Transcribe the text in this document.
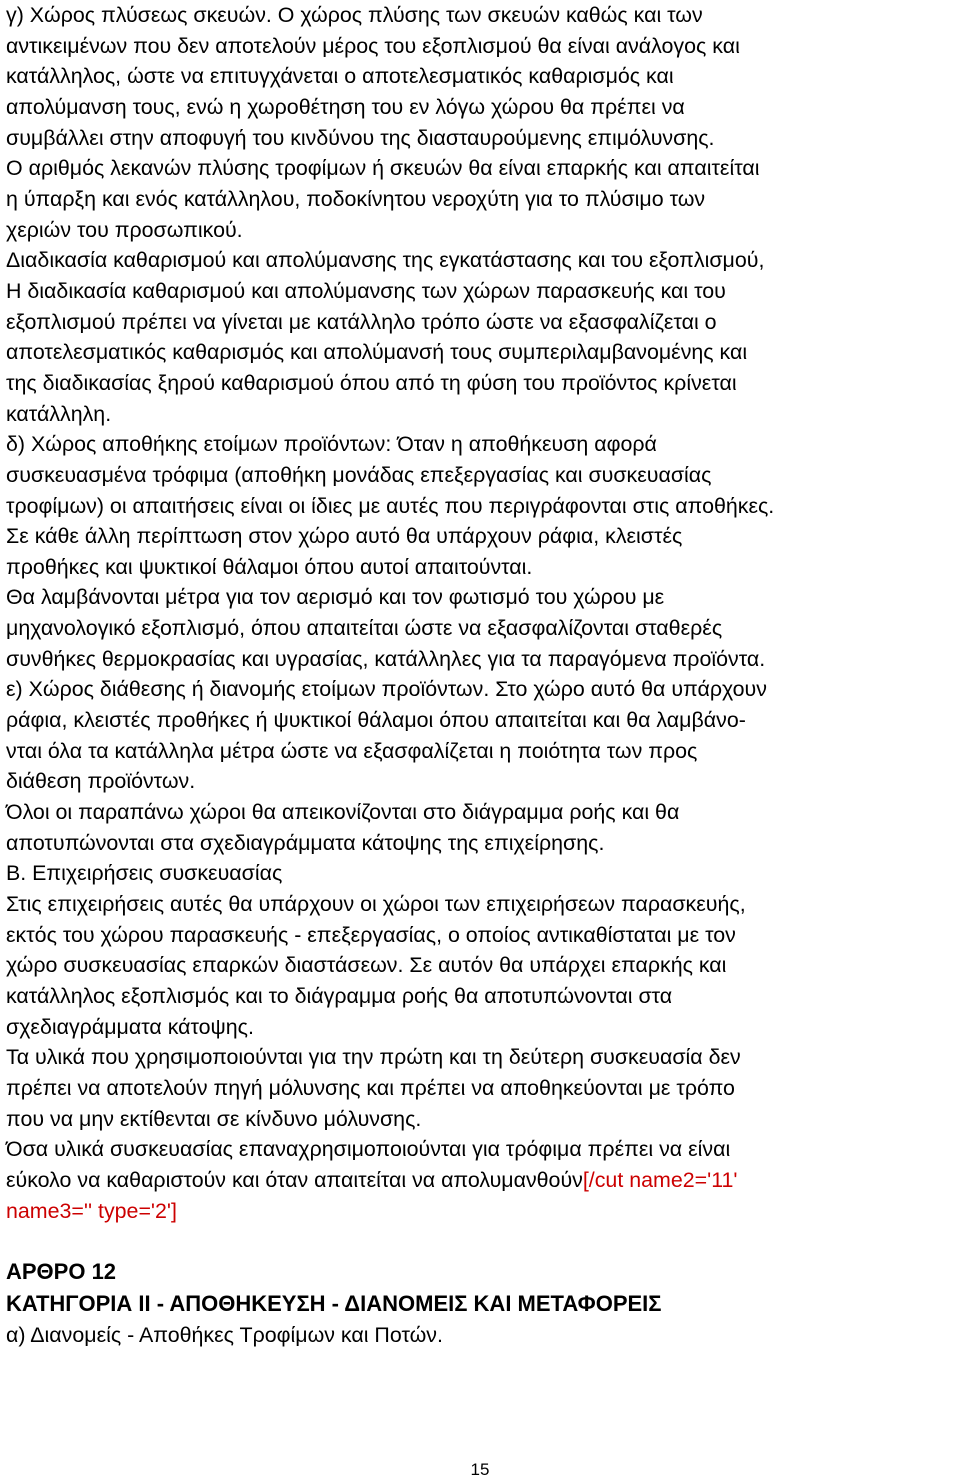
γ) Χώρος πλύσεως σκευών. Ο χώρος πλύσης των σκευών καθώς και των
αντικειμένων που δεν αποτελούν μέρος του εξοπλισμού θα είναι ανάλογος και
κατάλληλος, ώστε να επιτυγχάνεται ο αποτελεσματικός καθαρισμός και
απολύμανση τους, ενώ η χωροθέτηση του εν λόγω χώρου θα πρέπει να
συμβάλλει στην αποφυγή του κινδύνου της διασταυρούμενης επιμόλυνσης.
Ο αριθμός λεκανών πλύσης τροφίμων ή σκευών θα είναι επαρκής και απαιτείται
η ύπαρξη και ενός κατάλληλου, ποδοκίνητου νεροχύτη για το πλύσιμο των
χεριών του προσωπικού.
Διαδικασία καθαρισμού και απολύμανσης της εγκατάστασης και του εξοπλισμού,
Η διαδικασία καθαρισμού και απολύμανσης των χώρων παρασκευής και του
εξοπλισμού πρέπει να γίνεται με κατάλληλο τρόπο ώστε να εξασφαλίζεται ο
αποτελεσματικός καθαρισμός και απολύμανσή τους συμπεριλαμβανομένης και
της διαδικασίας ξηρού καθαρισμού όπου από τη φύση του προϊόντος κρίνεται
κατάλληλη.
δ) Χώρος αποθήκης ετοίμων προϊόντων: Όταν η αποθήκευση αφορά
συσκευασμένα τρόφιμα (αποθήκη μονάδας επεξεργασίας και συσκευασίας
τροφίμων) οι απαιτήσεις είναι οι ίδιες με αυτές που περιγράφονται στις αποθήκες.
Σε κάθε άλλη περίπτωση στον χώρο αυτό θα υπάρχουν ράφια, κλειστές
προθήκες και ψυκτικοί θάλαμοι όπου αυτοί απαιτούνται.
Θα λαμβάνονται μέτρα για τον αερισμό και τον φωτισμό του χώρου με
μηχανολογικό εξοπλισμό, όπου απαιτείται ώστε να εξασφαλίζονται σταθερές
συνθήκες θερμοκρασίας και υγρασίας, κατάλληλες για τα παραγόμενα προϊόντα.
ε) Χώρος διάθεσης ή διανομής ετοίμων προϊόντων. Στο χώρο αυτό θα υπάρχουν
ράφια, κλειστές προθήκες ή ψυκτικοί θάλαμοι όπου απαιτείται και θα λαμβάνο-
νται όλα τα κατάλληλα μέτρα ώστε να εξασφαλίζεται η ποιότητα των προς
διάθεση προϊόντων.
Όλοι οι παραπάνω χώροι θα απεικονίζονται στο διάγραμμα ροής και θα
αποτυπώνονται στα σχεδιαγράμματα κάτοψης της επιχείρησης.
Β. Επιχειρήσεις συσκευασίας
Στις επιχειρήσεις αυτές θα υπάρχουν οι χώροι των επιχειρήσεων παρασκευής,
εκτός του χώρου παρασκευής - επεξεργασίας, ο οποίος αντικαθίσταται με τον
χώρο συσκευασίας επαρκών διαστάσεων. Σε αυτόν θα υπάρχει επαρκής και
κατάλληλος εξοπλισμός και το διάγραμμα ροής θα αποτυπώνονται στα
σχεδιαγράμματα κάτοψης.
Τα υλικά που χρησιμοποιούνται για την πρώτη και τη δεύτερη συσκευασία δεν
πρέπει να αποτελούν πηγή μόλυνσης και πρέπει να αποθηκεύονται με τρόπο
που να μην εκτίθενται σε κίνδυνο μόλυνσης.
Όσα υλικά συσκευασίας επαναχρησιμοποιούνται για τρόφιμα πρέπει να είναι
εύκολο να καθαριστούν και όταν απαιτείται να απολυμανθούν[/cut name2='11'
name3='' type='2']
ΑΡΘΡΟ 12
ΚΑΤΗΓΟΡΙΑ ΙΙ - ΑΠΟΘΗΚΕΥΣΗ - ΔΙΑΝΟΜΕΙΣ ΚΑΙ ΜΕΤΑΦΟΡΕΙΣ
α) Διανομείς - Αποθήκες Τροφίμων και Ποτών.
15
